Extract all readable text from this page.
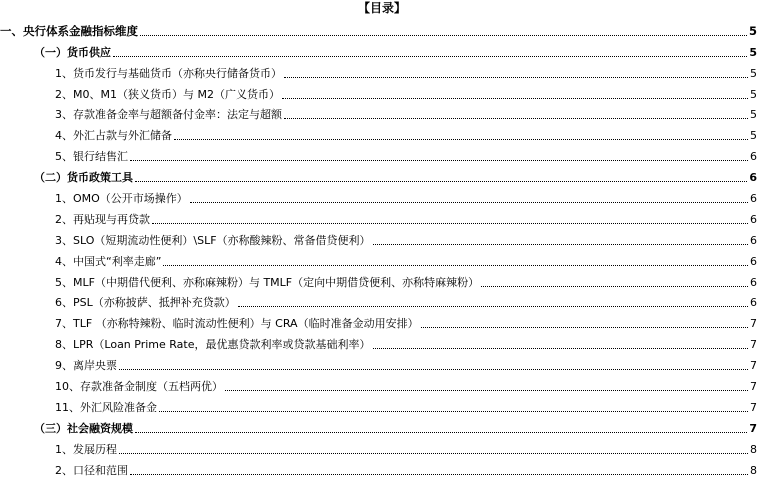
【目录】
一、央行体系金融指标维度	5
（一）货币供应	5
1、货币发行与基础货币（亦称央行储备货币）	5
2、M0、M1（狭义货币）与 M2（广义货币）	5
3、存款准备金率与超额备付金率：法定与超额	5
4、外汇占款与外汇储备	5
5、银行结售汇	6
（二）货币政策工具	6
1、OMO（公开市场操作）	6
2、再贴现与再贷款	6
3、SLO（短期流动性便利）\SLF（亦称酸辣粉、常备借贷便利）	6
4、中国式“利率走廊”	6
5、MLF（中期借代便利、亦称麻辣粉）与 TMLF（定向中期借贷便利、亦称特麻辣粉）	6
6、PSL（亦称披萨、抵押补充贷款）	6
7、TLF （亦称特辣粉、临时流动性便利）与 CRA（临时准备金动用安排）	7
8、LPR（Loan Prime Rate，最优惠贷款利率或贷款基础利率）	7
9、离岸央票	7
10、存款准备金制度（五档两优）	7
11、外汇风险准备金	7
（三）社会融资规模	7
1、发展历程	8
2、口径和范围	8
